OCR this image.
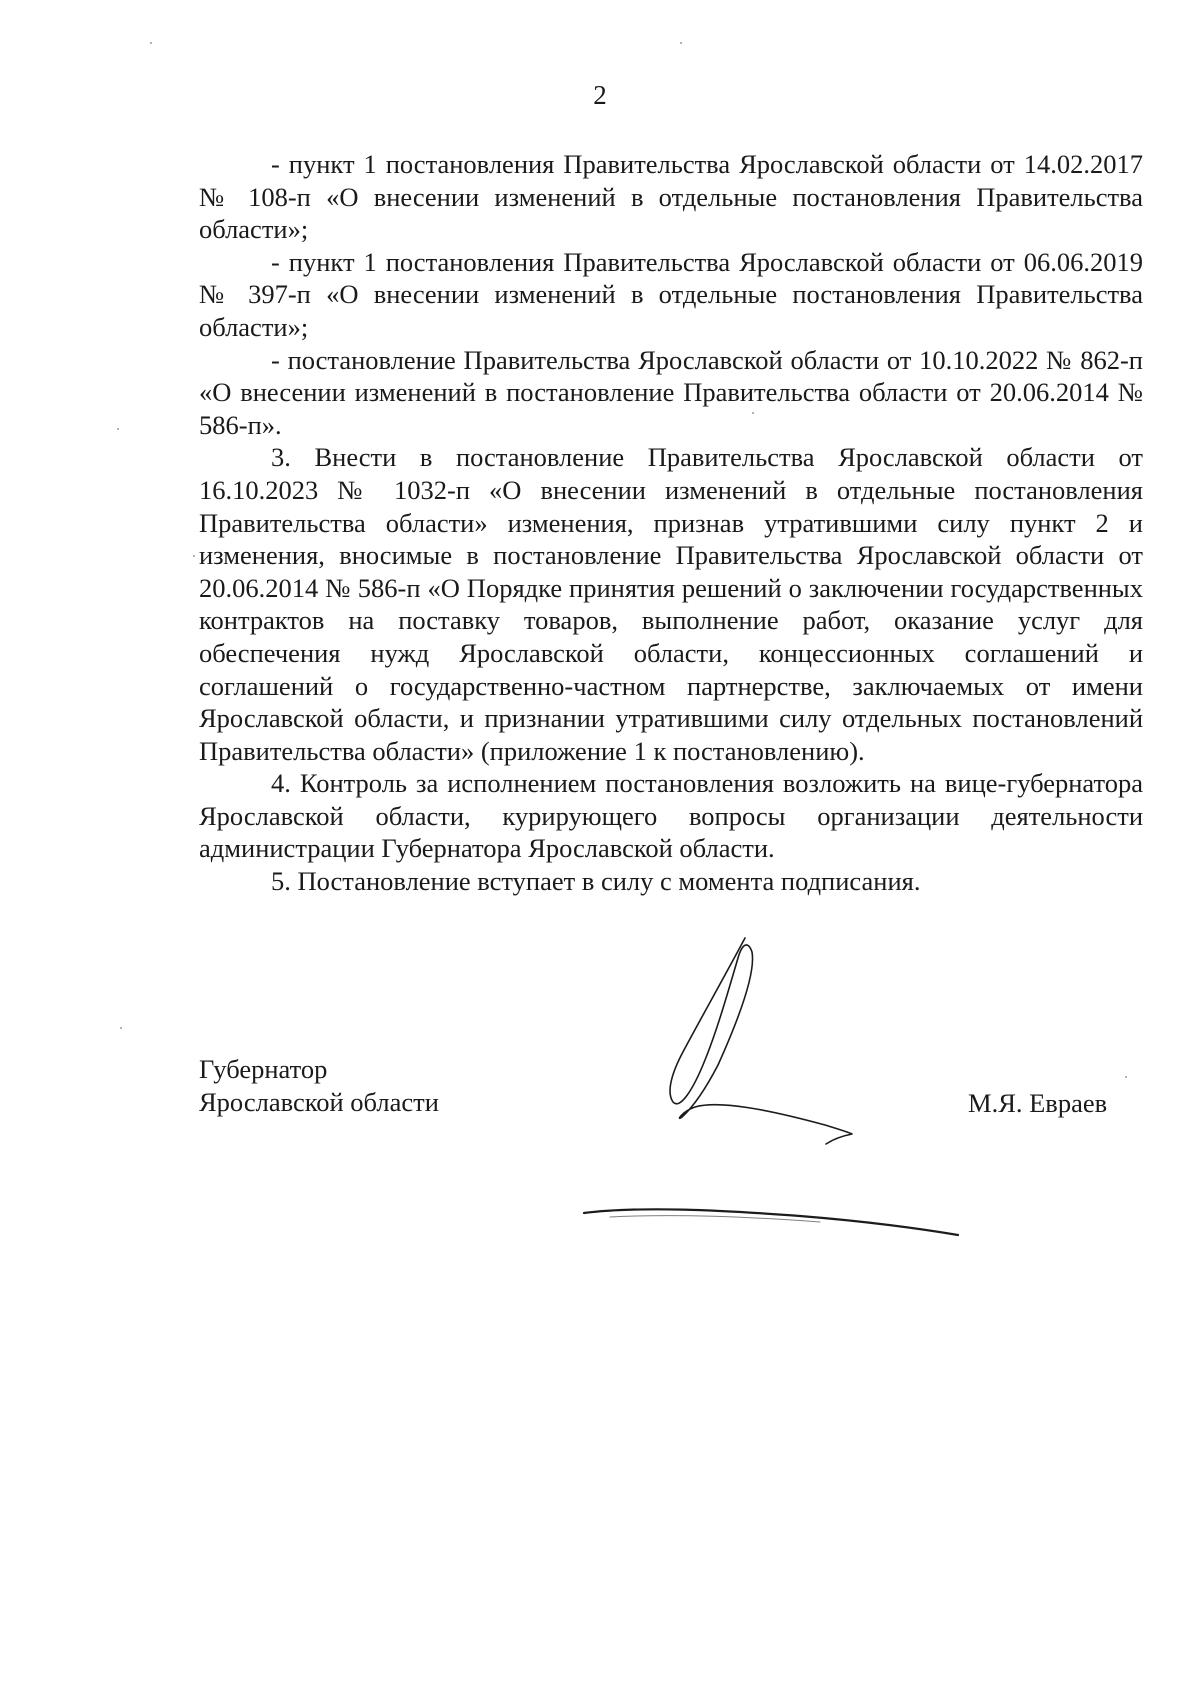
2

- пункт 1 постановления Правительства Ярославской области от 14.02.2017 № 108-п «О внесении изменений в отдельные постановления Правительства области»;

- пункт 1 постановления Правительства Ярославской области от 06.06.2019 № 397-п «О внесении изменений в отдельные постановления Правительства области»;

- постановление Правительства Ярославской области от 10.10.2022 № 862-п «О внесении изменений в постановление Правительства области от 20.06.2014 № 586-п».

3. Внести в постановление Правительства Ярославской области от 16.10.2023 № 1032-п «О внесении изменений в отдельные постановления Правительства области» изменения, признав утратившими силу пункт 2 и изменения, вносимые в постановление Правительства Ярославской области от 20.06.2014 № 586-п «О Порядке принятия решений о заключении государственных контрактов на поставку товаров, выполнение работ, оказание услуг для обеспечения нужд Ярославской области, концессионных соглашений и соглашений о государственно-частном партнерстве, заключаемых от имени Ярославской области, и признании утратившими силу отдельных постановлений Правительства области» (приложение 1 к постановлению).

4. Контроль за исполнением постановления возложить на вице-губернатора Ярославской области, курирующего вопросы организации деятельности администрации Губернатора Ярославской области.

5. Постановление вступает в силу с момента подписания.

Губернатор
Ярославской области	М.Я. Евраев
